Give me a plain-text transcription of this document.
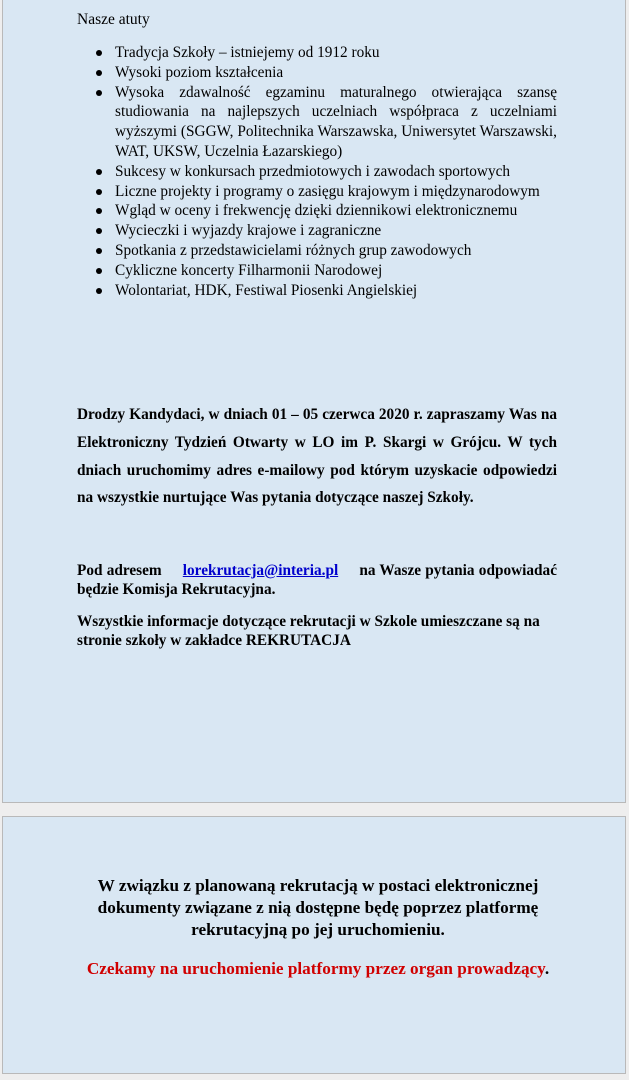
Nasze atuty
Tradycja Szkoły – istniejemy od 1912 roku
Wysoki poziom kształcenia
Wysoka zdawalność egzaminu maturalnego otwierająca szansę studiowania na najlepszych uczelniach współpraca z uczelniami wyższymi (SGGW, Politechnika Warszawska, Uniwersytet Warszawski, WAT, UKSW, Uczelnia Łazarskiego)
Sukcesy w konkursach przedmiotowych i zawodach sportowych
Liczne projekty i programy o zasięgu krajowym i międzynarodowym
Wgląd w oceny i frekwencję dzięki dziennikowi elektronicznemu
Wycieczki i wyjazdy krajowe i zagraniczne
Spotkania z przedstawicielami różnych grup zawodowych
Cykliczne koncerty Filharmonii Narodowej
Wolontariat, HDK, Festiwal Piosenki Angielskiej
Drodzy Kandydaci, w dniach 01 – 05 czerwca 2020 r. zapraszamy Was na Elektroniczny Tydzień Otwarty w LO im P. Skargi w Grójcu. W tych dniach uruchomimy adres e-mailowy pod którym uzyskacie odpowiedzi na wszystkie nurtujące Was pytania dotyczące naszej Szkoły.
Pod adresem lorekrutacja@interia.pl na Wasze pytania odpowiadać będzie Komisja Rekrutacyjna.
Wszystkie informacje dotyczące rekrutacji w Szkole umieszczane są na stronie szkoły w zakładce REKRUTACJA
W związku z planowaną rekrutacją w postaci elektronicznej dokumenty związane z nią dostępne będę poprzez platformę rekrutacyjną po jej uruchomieniu.
Czekamy na uruchomienie platformy przez organ prowadzący.
